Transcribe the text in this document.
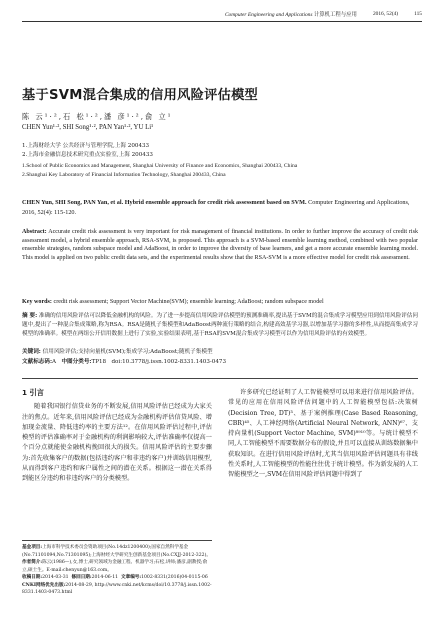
Computer Engineering and Applications 计算机工程与应用	2016, 52(4)	115
基于SVM混合集成的信用风险评估模型
陈 云¹·²,石 松¹·²,潘 彦¹·²,俞 立¹
CHEN Yun¹·², SHI Song¹·², PAN Yan¹·², YU Li¹
1.上海财经大学 公共经济与管理学院,上海 200433
2.上海市金融信息技术研究重点实验室,上海 200433
1.School of Public Economics and Management, Shanghai University of Finance and Economics, Shanghai 200433, China
2.Shanghai Key Laboratory of Financial Information Technology, Shanghai 200433, China
CHEN Yun, SHI Song, PAN Yan, et al. Hybrid ensemble approach for credit risk assessment based on SVM. Computer Engineering and Applications, 2016, 52(4): 115-120.
Abstract: Accurate credit risk assessment is very important for risk management of financial institutions. In order to further improve the accuracy of credit risk assessment model, a hybrid ensemble approach, RSA-SVM, is proposed. This approach is a SVM-based ensemble learning method, combined with two popular ensemble strategies, random subspace model and AdaBoost, in order to improve the diversity of base learners, and get a more accurate ensemble learning model. This model is applied on two public credit data sets, and the experimental results show that the RSA-SVM is a more effective model for credit risk assessment.
Key words: credit risk assessment; Support Vector Machine(SVM); ensemble learning; AdaBoost; random subspace model
摘 要: 准确的信用风险评估可以降低金融机构的风险。为了进一步提高信用风险评估模型的预测准确率,提出基于SVM的混合集成学习模型应用到信用风险评估问题中,提出了一种混合集成策略,称为RSA。RSA是随机子集模型和AdaBoost两种流行策略的结合,构建高效基学习器,以增加基学习器的多样性,从而提高集成学习模型的准确率。模型在两组公开信用数据上进行了实验,实验结果表明,基于RSA的SVM混合集成学习模型可以作为信用风险评估的有效模型。
关键词: 信用风险评估;支持向量机(SVM);集成学习;AdaBoost;随机子集模型
文献标志码:A 中图分类号:TP18 doi:10.3778/j.issn.1002-8331.1403-0473
1 引言

随着我国银行信贷业务的不断发展,信用风险评估已经成为大家关注的焦点。近年来,信用风险评估已经成为金融机构评估信贷风险、增加现金流量、降低违约率的主要方法¹²。在信用风险评估过程中,评估模型的评估准确率对于金融机构的利润影响较大,评估准确率仅提高一个百分点就能使金融机构挽回很大的损失。信用风险评估的主要步骤为:首先收集客户的数据(包括违约客户和非违约客户)并训练信用模型,从而得到客户违约和客户属性之间的潜在关系。根据这一潜在关系得到能区分违约和非违约客户的分类模型。

许多研究已经证明了人工智能模型可以用来进行信用风险评估。常见的应用在信用风险评估问题中的人工智能模型包括:决策树(Decision Tree, DT)³、基于案例推理(Case Based Reasoning, CBR)⁴⁵、人工神经网络(Artificial Neural Network, ANN)⁶⁷、支持向量机(Support Vector Machine, SVM)⁸⁹¹⁰等。与统计模型不同,人工智能模型不需要数据分布的假设,并且可以直接从训练数据集中获取知识。在进行信用风险评估时,尤其当信用风险评估问题具有非线性关系时,人工智能模型的性能往往优于统计模型。作为新发展的人工智能模型之一,SVM在信用风险评估问题中得到了

基金项目:上海市科学技术委员会资助项目(No.14dz1200400);国家自然科学基金(No.71101094,No.71301095);上海财经大学研究生创新基金项目(No.CXJJ-2012-322)。
作者简介:陈云(1986—),女,博士,研究领域为金融工程、机器学习;石松,讲师;潘彦,副教授;俞立,硕士生。E-mail:chenyun@163.com。
收稿日期:2014-03-31 修回日期:2014-06-11 文章编号:1002-8331(2016)04-0115-06
CNKI网络优先出版:2014-08-29, http://www.cnki.net/kcms/doi/10.3778/j.issn.1002-8331.1403-0473.html
